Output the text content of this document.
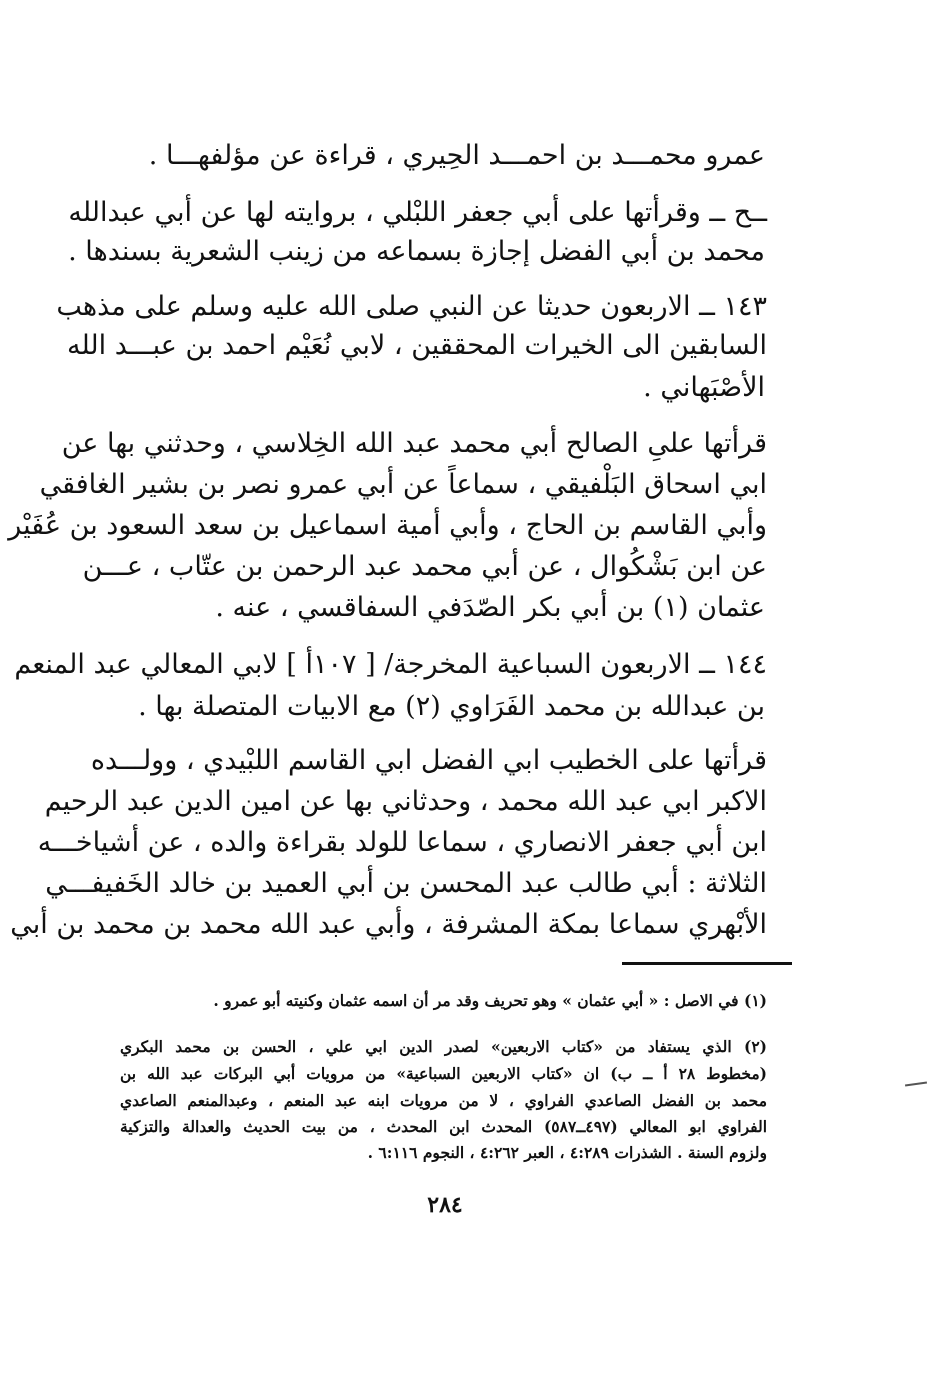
عمرو محمـــد بن احمـــد الحِيري ، قراءة عن مؤلفهـــا .
ــح ــ وقرأتها على أبي جعفر اللبْلي ، بروايته لها عن أبي عبدالله
محمد بن أبي الفضل إجازة بسماعه من زينب الشعرية بسندها .
١٤٣ ــ الاربعون حديثا عن النبي صلى الله عليه وسلم على مذهب
السابقين الى الخيرات المحققين ، لابي نُعَيْم احمد بن عبـــد الله
الأصْبَهاني .
قرأتها علىِ الصالح أبي محمد عبد الله الخِلاسي ، وحدثني بها عن
ابي اسحاق البَلْفيقي ، سماعاً عن أبي عمرو نصر بن بشير الغافقي
وأبي القاسم بن الحاج ، وأبي أمية اسماعيل بن سعد السعود بن عُفَيْر
عن ابن بَشْكُوال ، عن أبي محمد عبد الرحمن بن عتّاب ، عـــن
عثمان (١) بن أبي بكر الصّدَفي السفاقسي ، عنه .
١٤٤ ــ الاربعون السباعية المخرجة/ [ ١٠٧أ ] لابي المعالي عبد المنعم
بن عبدالله بن محمد الفَرَاوي (٢) مع الابيات المتصلة بها .
قرأتها على الخطيب ابي الفضل ابي القاسم اللبْيدي ، وولـــده
الاكبر ابي عبد الله محمد ، وحدثاني بها عن امين الدين عبد الرحيم
ابن أبي جعفر الانصاري ، سماعا للولد بقراءة والده ، عن أشياخـــه
الثلاثة : أبي طالب عبد المحسن بن أبي العميد بن خالد الخَفيفـــي
الأبْهري سماعا بمكة المشرفة ، وأبي عبد الله محمد بن محمد بن أبي
(١) في الاصل : « أبي عثمان » وهو تحريف وقد مر أن اسمه عثمان وكنيته أبو عمرو .
(٢) الذي يستفاد من «كتاب الاربعين» لصدر الدين ابي علي ، الحسن بن محمد البكري
(مخطوط ٢٨ أ ــ ب) ان «كتاب الاربعين السباعية» من مرويات أبي البركات عبد الله بن
محمد بن الفضل الصاعدي الفراوي ، لا من مرويات ابنه عبد المنعم ، وعبدالمنعم الصاعدي
الفراوي ابو المعالي (٤٩٧ــ٥٨٧) المحدث ابن المحدث ، من بيت الحديث والعدالة والتزكية
ولزوم السنة . الشذرات ٤:٢٨٩ ، العبر ٤:٢٦٢ ، النجوم ٦:١١٦ .
٢٨٤
